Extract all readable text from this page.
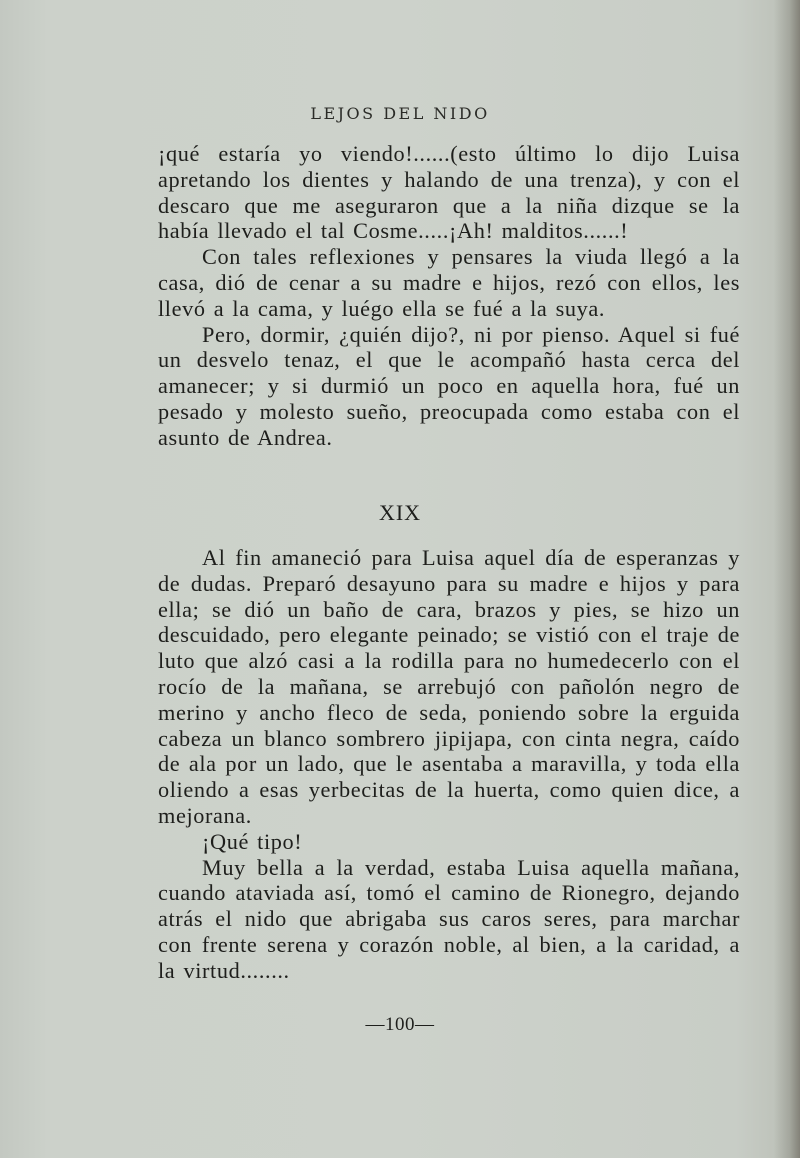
LEJOS DEL NIDO

¡qué estaría yo viendo!......(esto último lo dijo Luisa apretando los dientes y halando de una trenza), y con el descaro que me aseguraron que a la niña dizque se la había llevado el tal Cosme.....¡Ah! malditos......!

Con tales reflexiones y pensares la viuda llegó a la casa, dió de cenar a su madre e hijos, rezó con ellos, les llevó a la cama, y luégo ella se fué a la suya.

Pero, dormir, ¿quién dijo?, ni por pienso. Aquel si fué un desvelo tenaz, el que le acompañó hasta cerca del amanecer; y si durmió un poco en aquella hora, fué un pesado y molesto sueño, preocupada como estaba con el asunto de Andrea.

XIX

Al fin amaneció para Luisa aquel día de esperanzas y de dudas. Preparó desayuno para su madre e hijos y para ella; se dió un baño de cara, brazos y pies, se hizo un descuidado, pero elegante peinado; se vistió con el traje de luto que alzó casi a la rodilla para no humedecerlo con el rocío de la mañana, se arrebujó con pañolón negro de merino y ancho fleco de seda, poniendo sobre la erguida cabeza un blanco sombrero jipijapa, con cinta negra, caído de ala por un lado, que le asentaba a maravilla, y toda ella oliendo a esas yerbecitas de la huerta, como quien dice, a mejorana.

¡Qué tipo!

Muy bella a la verdad, estaba Luisa aquella mañana, cuando ataviada así, tomó el camino de Rionegro, dejando atrás el nido que abrigaba sus caros seres, para marchar con frente serena y corazón noble, al bien, a la caridad, a la virtud........

—100—
